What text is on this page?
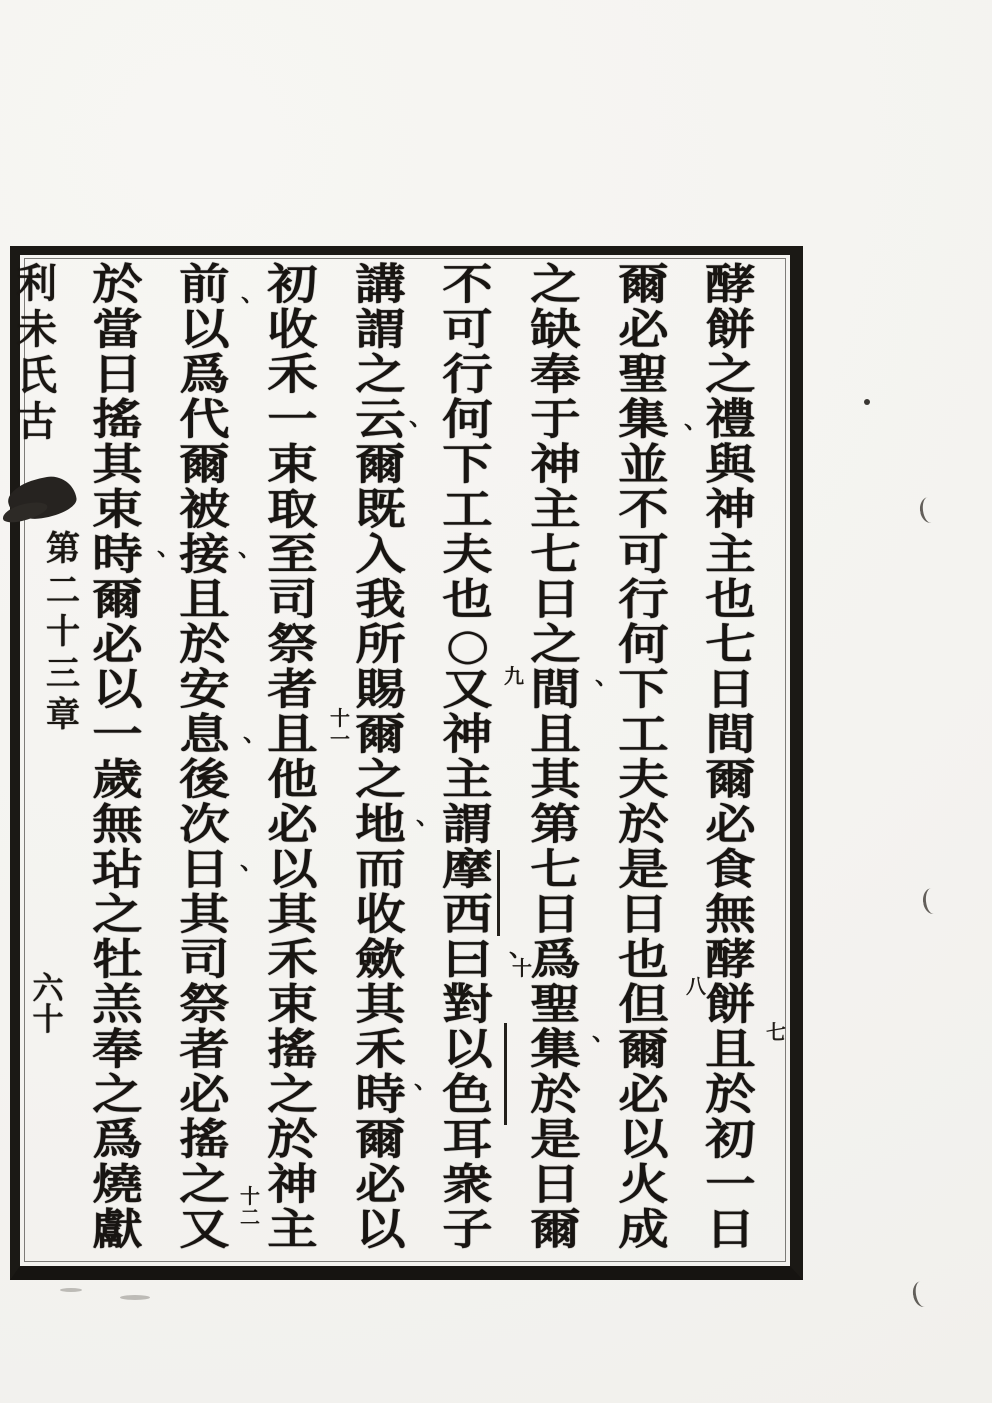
利
未
氏
古
第
二
十
三
章
六
十
酵
餅
之
禮
與
神
主
也
七
日
間
爾
必
食
無
酵
餅
且
於
初
一
日
爾
必
聖
集
並
不
可
行
何
下
工
夫
於
是
日
也
但
爾
必
以
火
成
之
缺
奉
于
神
主
七
日
之
間
且
其
第
七
日
爲
聖
集
於
是
日
爾
不
可
行
何
下
工
夫
也
○
又
神
主
謂
摩
西
曰
對
以
色
耳
衆
子
講
謂
之
云
爾
既
入
我
所
賜
爾
之
地
而
收
歛
其
禾
時
爾
必
以
初
收
禾
一
束
取
至
司
祭
者
且
他
必
以
其
禾
束
搖
之
於
神
主
前
以
爲
代
爾
被
接
且
於
安
息
後
次
日
其
司
祭
者
必
搖
之
又
於
當
日
搖
其
束
時
爾
必
以
一
歲
無
玷
之
牡
羔
奉
之
爲
燒
獻
七
八
九
十
十
一
十
二
、
、
、
、
、
、
、
、
、
、
、
、
